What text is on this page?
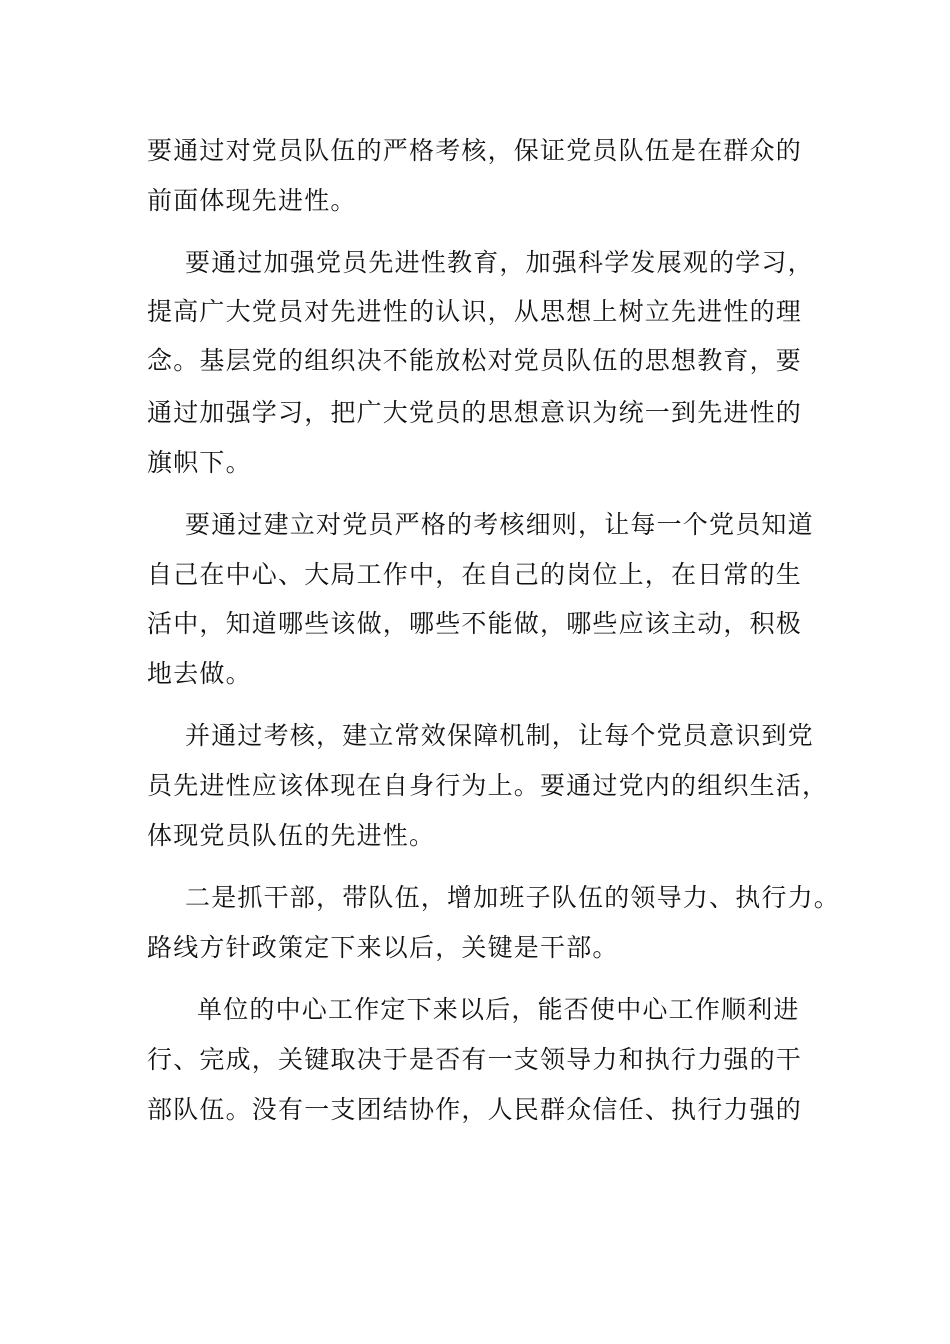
要通过对党员队伍的严格考核，保证党员队伍是在群众的

前面体现先进性。

要通过加强党员先进性教育，加强科学发展观的学习，

提高广大党员对先进性的认识，从思想上树立先进性的理

念。基层党的组织决不能放松对党员队伍的思想教育，要

通过加强学习，把广大党员的思想意识为统一到先进性的

旗帜下。

要通过建立对党员严格的考核细则，让每一个党员知道

自己在中心、大局工作中，在自己的岗位上，在日常的生

活中，知道哪些该做，哪些不能做，哪些应该主动，积极

地去做。

并通过考核，建立常效保障机制，让每个党员意识到党

员先进性应该体现在自身行为上。要通过党内的组织生活，

体现党员队伍的先进性。

二是抓干部，带队伍，增加班子队伍的领导力、执行力。

路线方针政策定下来以后，关键是干部。

单位的中心工作定下来以后，能否使中心工作顺利进

行、完成，关键取决于是否有一支领导力和执行力强的干

部队伍。没有一支团结协作，人民群众信任、执行力强的
